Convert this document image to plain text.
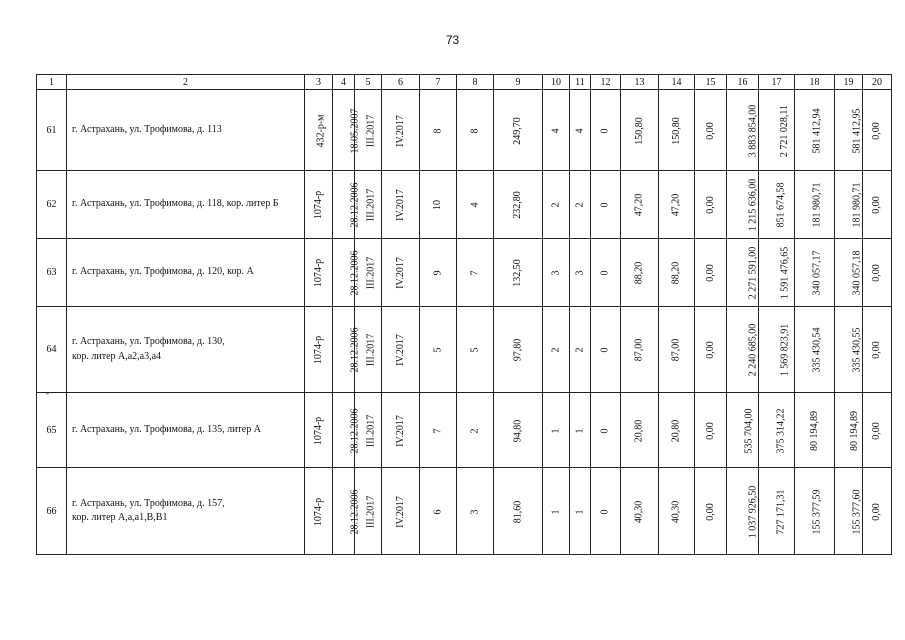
73
1	2	3	4	5	6	7	8	9	10	11	12	13	14	15	16	17	18	19	20
61	г. Астрахань, ул. Трофимова, д. 113	432-р-м	18.05.2007	III.2017	IV.2017	8	8	249,70	4	4	0	150,80	150,80	0,00	3 883 854,00	2 721 028,11	581 412,94	581 412,95	0,00
62	г. Астрахань, ул. Трофимова, д. 118, кор. литер Б	1074-р	28.12.2006	III.2017	IV.2017	10	4	232,80	2	2	0	47,20	47,20	0,00	1 215 636,00	851 674,58	181 980,71	181 980,71	0,00
63	г. Астрахань, ул. Трофимова, д. 120, кор. А	1074-р	28.12.2006	III.2017	IV.2017	9	7	132,50	3	3	0	88,20	88,20	0,00	2 271 591,00	1 591 476,65	340 057,17	340 057,18	0,00
64	г. Астрахань, ул. Трофимова, д. 130,
кор. литер А,а2,а3,а4	1074-р	28.12.2006	III.2017	IV.2017	5	5	97,80	2	2	0	87,00	87,00	0,00	2 240 685,00	1 569 823,91	335 430,54	335 430,55	0,00
65	г. Астрахань, ул. Трофимова, д. 135, литер А	1074-р	28.12.2006	III.2017	IV.2017	7	2	94,80	1	1	0	20,80	20,80	0,00	535 704,00	375 314,22	80 194,89	80 194,89	0,00
66	г. Астрахань, ул. Трофимова, д. 157,
кор. литер А,а,а1,В,В1	1074-р	28.12.2006	III.2017	IV.2017	6	3	81,60	1	1	0	40,30	40,30	0,00	1 037 926,50	727 171,31	155 377,59	155 377,60	0,00
-
